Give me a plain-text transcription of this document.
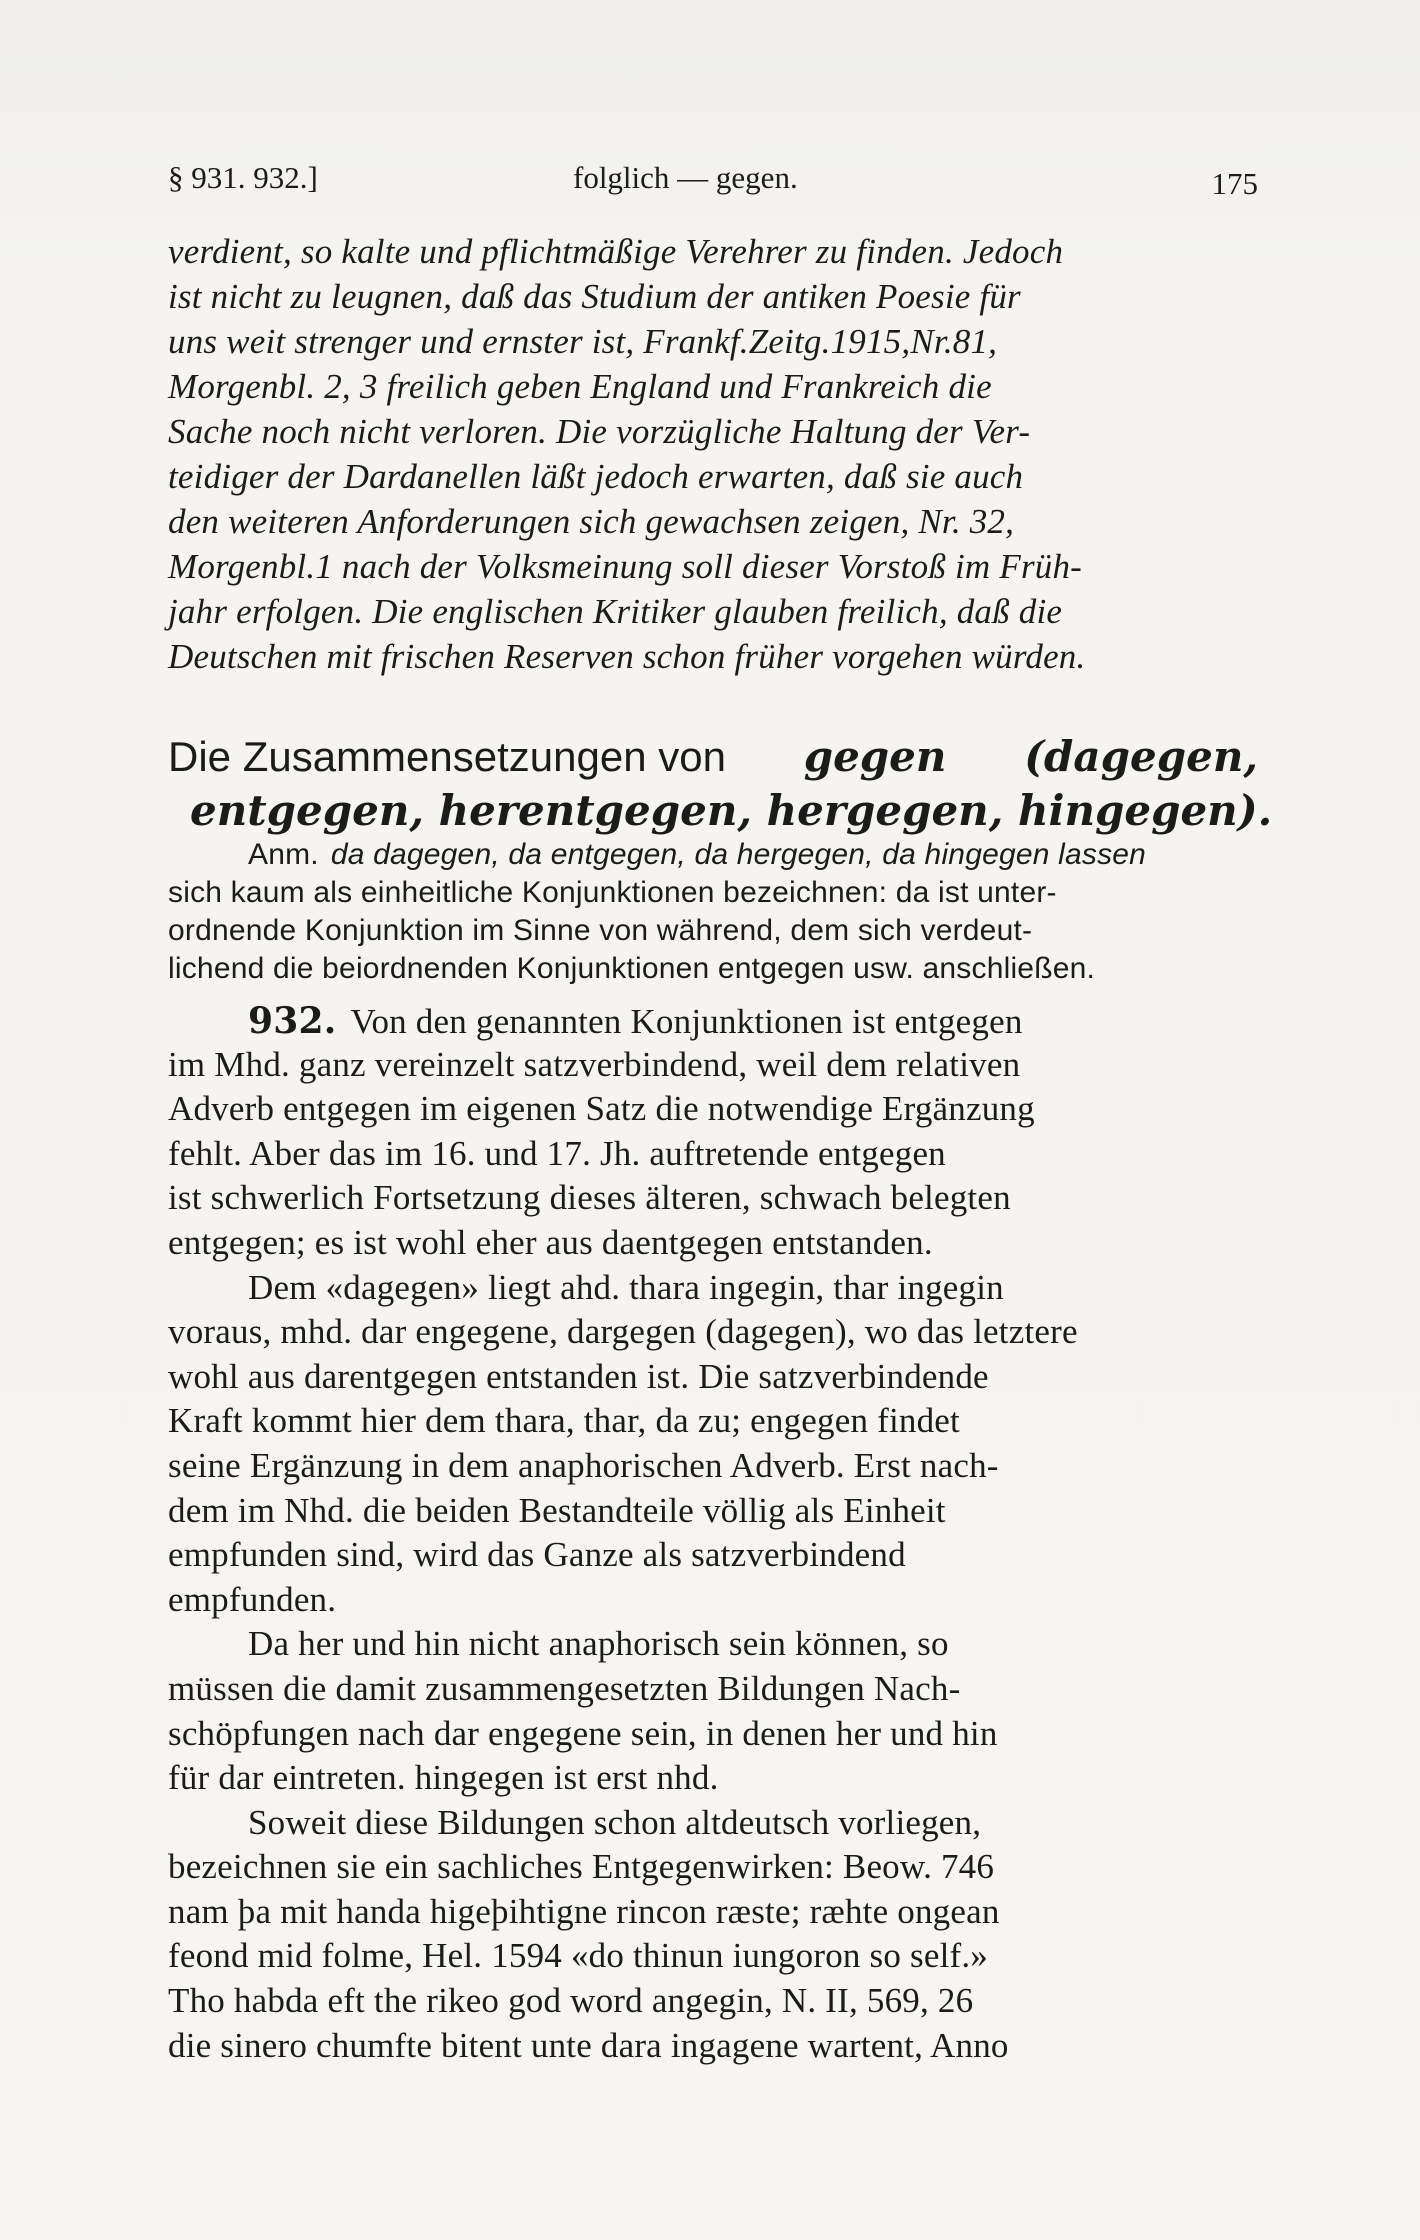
§ 931. 932.]	folglich — gegen.	175
verdient, so kalte und pflichtmäßige Verehrer zu finden. Jedoch
ist nicht zu leugnen, daß das Studium der antiken Poesie für
uns weit strenger und ernster ist, Frankf.Zeitg.1915,Nr.81,
Morgenbl. 2, 3 freilich geben England und Frankreich die
Sache noch nicht verloren. Die vorzügliche Haltung der Ver-
teidiger der Dardanellen läßt jedoch erwarten, daß sie auch
den weiteren Anforderungen sich gewachsen zeigen, Nr. 32,
Morgenbl.1 nach der Volksmeinung soll dieser Vorstoß im Früh-
jahr erfolgen. Die englischen Kritiker glauben freilich, daß die
Deutschen mit frischen Reserven schon früher vorgehen würden.
Die Zusammensetzungen von gegen (dagegen,
entgegen, herentgegen, hergegen, hingegen).
Anm. da dagegen, da entgegen, da hergegen, da hingegen lassen
sich kaum als einheitliche Konjunktionen bezeichnen: da ist unter-
ordnende Konjunktion im Sinne von während, dem sich verdeut-
lichend die beiordnenden Konjunktionen entgegen usw. anschließen.
932. Von den genannten Konjunktionen ist entgegen
im Mhd. ganz vereinzelt satzverbindend, weil dem relativen
Adverb entgegen im eigenen Satz die notwendige Ergänzung
fehlt. Aber das im 16. und 17. Jh. auftretende entgegen
ist schwerlich Fortsetzung dieses älteren, schwach belegten
entgegen; es ist wohl eher aus daentgegen entstanden.
Dem «dagegen» liegt ahd. thara ingegin, thar ingegin
voraus, mhd. dar engegene, dargegen (dagegen), wo das letztere
wohl aus darentgegen entstanden ist. Die satzverbindende
Kraft kommt hier dem thara, thar, da zu; engegen findet
seine Ergänzung in dem anaphorischen Adverb. Erst nach-
dem im Nhd. die beiden Bestandteile völlig als Einheit
empfunden sind, wird das Ganze als satzverbindend
empfunden.
Da her und hin nicht anaphorisch sein können, so
müssen die damit zusammengesetzten Bildungen Nach-
schöpfungen nach dar engegene sein, in denen her und hin
für dar eintreten. hingegen ist erst nhd.
Soweit diese Bildungen schon altdeutsch vorliegen,
bezeichnen sie ein sachliches Entgegenwirken: Beow. 746
nam þa mit handa higeþihtigne rincon ræste; ræhte ongean
feond mid folme, Hel. 1594 «do thinun iungoron so self.»
Tho habda eft the rikeo god word angegin, N. II, 569, 26
die sinero chumfte bitent unte dara ingagene wartent, Anno
